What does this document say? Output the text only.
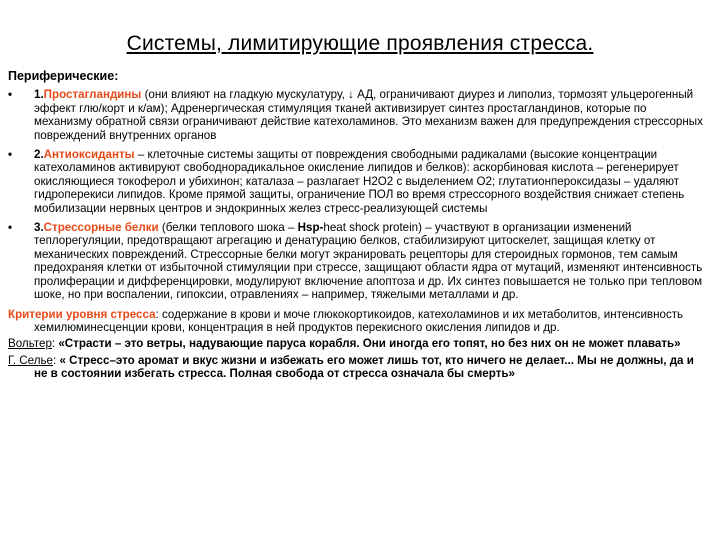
Системы, лимитирующие проявления стресса.
Периферические:
• 1.Простагландины (они влияют на гладкую мускулатуру, ↓ АД, ограничивают диурез и липолиз, тормозят ульцерогенный эффект глю/корт и к/ам); Адренергическая стимуляция тканей активизирует синтез простагландинов, которые по механизму обратной связи ограничивают действие катехоламинов. Это механизм важен для предупреждения стрессорных повреждений внутренних органов
• 2.Антиоксиданты – клеточные системы защиты от повреждения свободными радикалами (высокие концентрации катехоламинов активируют свободнорадикальное окисление липидов и белков): аскорбиновая кислота – регенерирует окисляющиеся токоферол и убихинон; каталаза – разлагает H2O2 с выделением O2; глутатионпероксидазы – удаляют гидроперекиси липидов. Кроме прямой защиты, ограничение ПОЛ во время стрессорного воздействия снижает степень мобилизации нервных центров и эндокринных желез стресс-реализующей системы
• 3.Стрессорные белки (белки теплового шока – Hsp-heat shock protein) – участвуют в организации изменений теплорегуляции, предотвращают агрегацию и денатурацию белков, стабилизируют цитоскелет, защищая клетку от механических повреждений. Стрессорные белки могут экранировать рецепторы для стероидных гормонов, тем самым предохраняя клетки от избыточной стимуляции при стрессе, защищают области ядра от мутаций, изменяют интенсивность пролиферации и дифференцировки, модулируют включение апоптоза и др. Их синтез повышается не только при тепловом шоке, но при воспалении, гипоксии, отравлениях – например, тяжелыми металлами и др.
Критерии уровня стресса: содержание в крови и моче глюкокортикоидов, катехоламинов и их метаболитов, интенсивность хемилюминесценции крови, концентрация в ней продуктов перекисного окисления липидов и др.
Вольтер: «Страсти – это ветры, надувающие паруса корабля. Они иногда его топят, но без них он не может плавать»
Г. Селье: « Стресс–это аромат и вкус жизни и избежать его может лишь тот, кто ничего не делает... Мы не должны, да и не в состоянии избегать стресса. Полная свобода от стресса означала бы смерть»
